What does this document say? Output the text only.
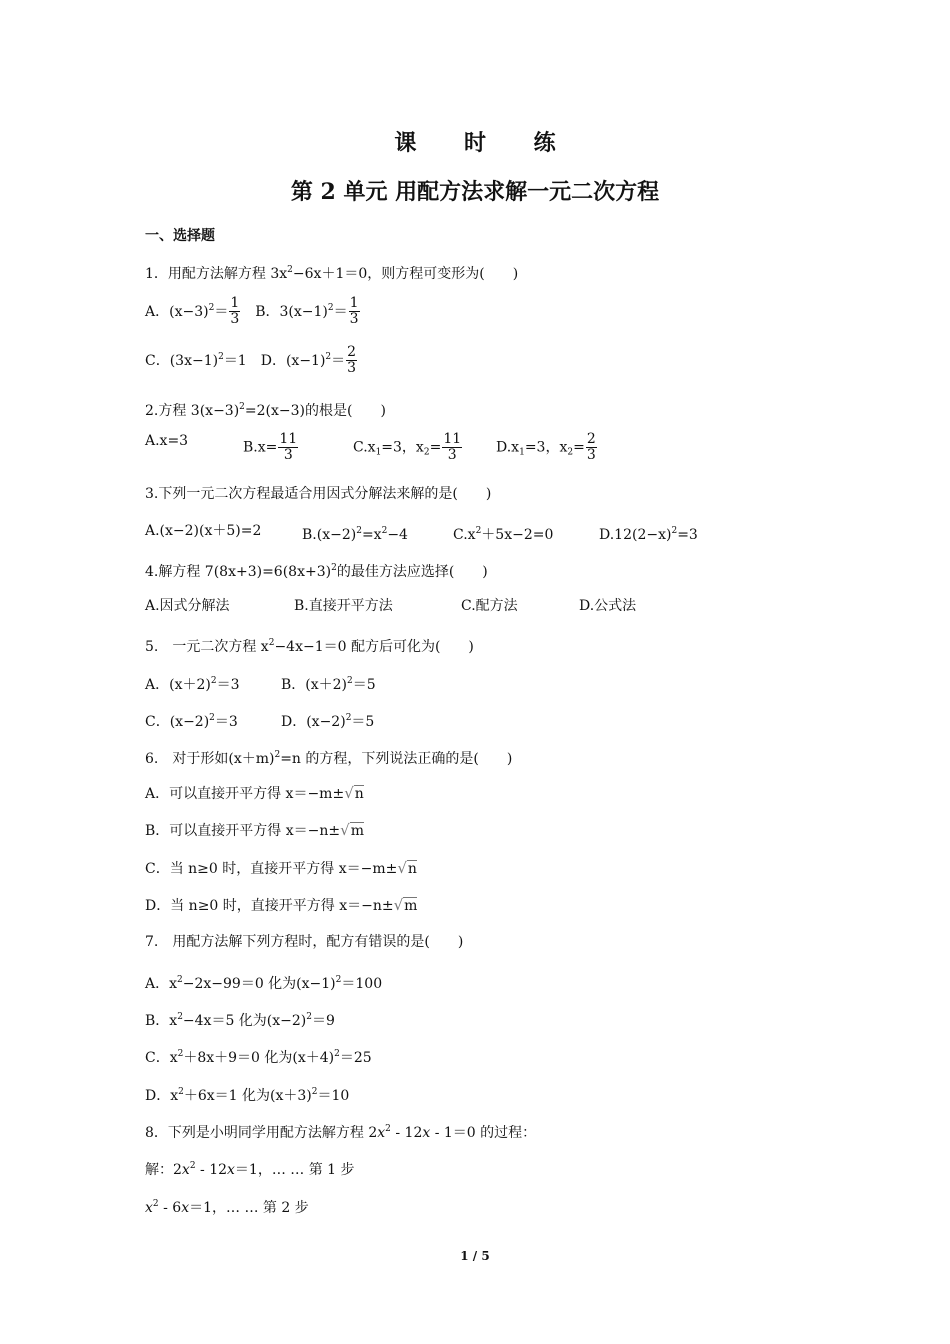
课 时 练
第 2 单元 用配方法求解一元二次方程
一、选择题
1．用配方法解方程 $3x^2-6x+1=0$，则方程可变形为(　　)
A．$(x-3)^2= \frac{1}{3}$ B．$3(x-1)^2= \frac{1}{3}$
C．$(3x-1)^2=1$ D．$(x-1)^2= \frac{2}{3}$
2.方程 $3(x-3)^2=2(x-3)$的根是(　　)
A.x=3	$B.x= \frac{11}{3}$	$C.x_1=3$，$x_2= \frac{11}{3} D.x_1=3$，$x_2= \frac{2}{3}$
3.下列一元二次方程最适合用因式分解法来解的是(　　)
A.(x−2)(x＋5)=2	$B.(x-2)^2=x^2-4$	$C.x^2+5x-2=0$	$D.12(2-x)^2=3$
4.解方程 $7(8x+3)=6(8x+3)^2$的最佳方法应选择(　　)
A.因式分解法	B.直接开平方法	C.配方法	D.公式法
5.　一元二次方程 $x^2-4x-1=0$ 配方后可化为(　　)
A．$(x+2)^2=3$	B．$(x+2)^2=5$
C．$(x-2)^2=3$	D．$(x-2)^2=5$
6.　对于形如$(x+m)^2=n$ 的方程，下列说法正确的是(　　)
A．可以直接开平方得 x＝−m±√n
B．可以直接开平方得 x＝−n±√m
C．当 n≥0 时，直接开平方得 x＝−m±√n
D．当 n≥0 时，直接开平方得 x＝−n±√m
7.　用配方法解下列方程时，配方有错误的是(　　)
A．$x^2-2x-99=0$ 化为$(x-1)^2=100$
B．$x^2-4x=5$ 化为$(x-2)^2=9$
C．$x^2+8x+9=0$ 化为$(x+4)^2=25$
D．$x^2+6x=1$ 化为$(x+3)^2=10$
8．下列是小明同学用配方法解方程 $2x^2 - 12x - 1=0$ 的过程：
解：$2x^2 - 12x=1$，… … 第 1 步
$x^2 - 6x=1$，… … 第 2 步
1 / 5
